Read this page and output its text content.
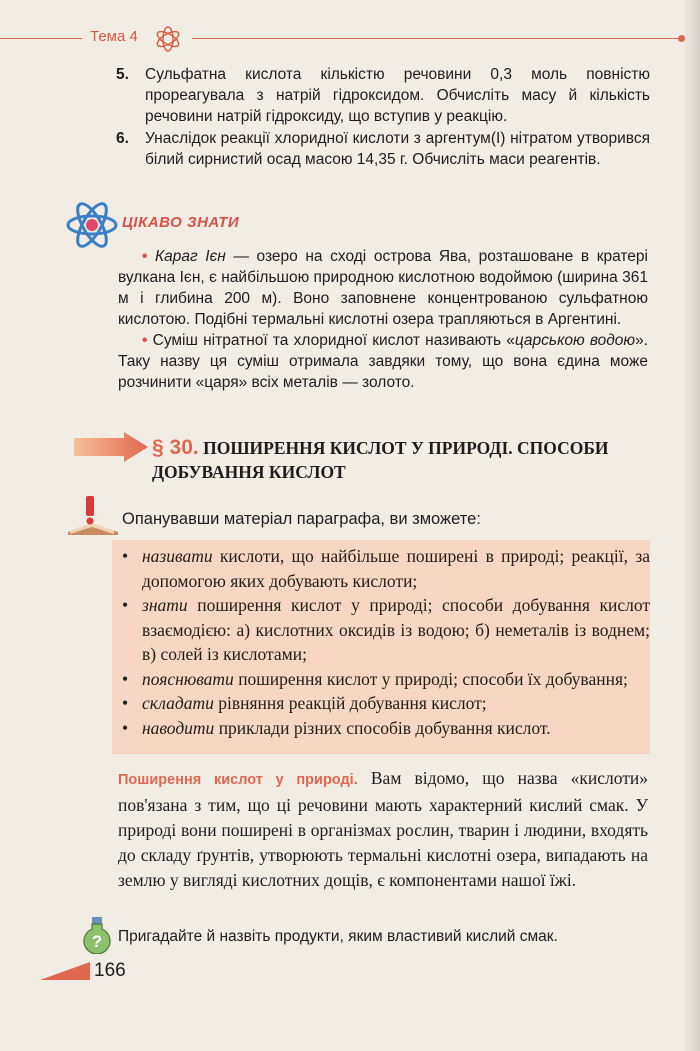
Тема 4
5. Сульфатна кислота кількістю речовини 0,3 моль повністю прореагувала з натрій гідроксидом. Обчисліть масу й кількість речовини натрій гідроксиду, що вступив у реакцію.
6. Унаслідок реакції хлоридної кислоти з аргентум(I) нітратом утворився білий сирнистий осад масою 14,35 г. Обчисліть маси реагентів.
ЦІКАВО ЗНАТИ
• Караг Ієн — озеро на сході острова Ява, розташоване в кратері вулкана Ієн, є найбільшою природною кислотною водоймою (ширина 361 м і глибина 200 м). Воно заповнене концентрованою сульфатною кислотою. Подібні термальні кислотні озера трапляються в Аргентині.
• Суміш нітратної та хлоридної кислот називають «царською водою». Таку назву ця суміш отримала завдяки тому, що вона єдина може розчинити «царя» всіх металів — золото.
§ 30. ПОШИРЕННЯ КИСЛОТ У ПРИРОДІ. СПОСОБИ ДОБУВАННЯ КИСЛОТ
Опанувавши матеріал параграфа, ви зможете:
• називати кислоти, що найбільше поширені в природі; реакції, за допомогою яких добувають кислоти;
• знати поширення кислот у природі; способи добування кислот взаємодією: а) кислотних оксидів із водою; б) неметалів із воднем; в) солей із кислотами;
• пояснювати поширення кислот у природі; способи їх добування;
• складати рівняння реакцій добування кислот;
• наводити приклади різних способів добування кислот.
Поширення кислот у природі. Вам відомо, що назва «кислоти» пов'язана з тим, що ці речовини мають характерний кислий смак. У природі вони поширені в організмах рослин, тварин і людини, входять до складу ґрунтів, утворюють термальні кислотні озера, випадають на землю у вигляді кислотних дощів, є компонентами нашої їжі.
? Пригадайте й назвіть продукти, яким властивий кислий смак.
166
